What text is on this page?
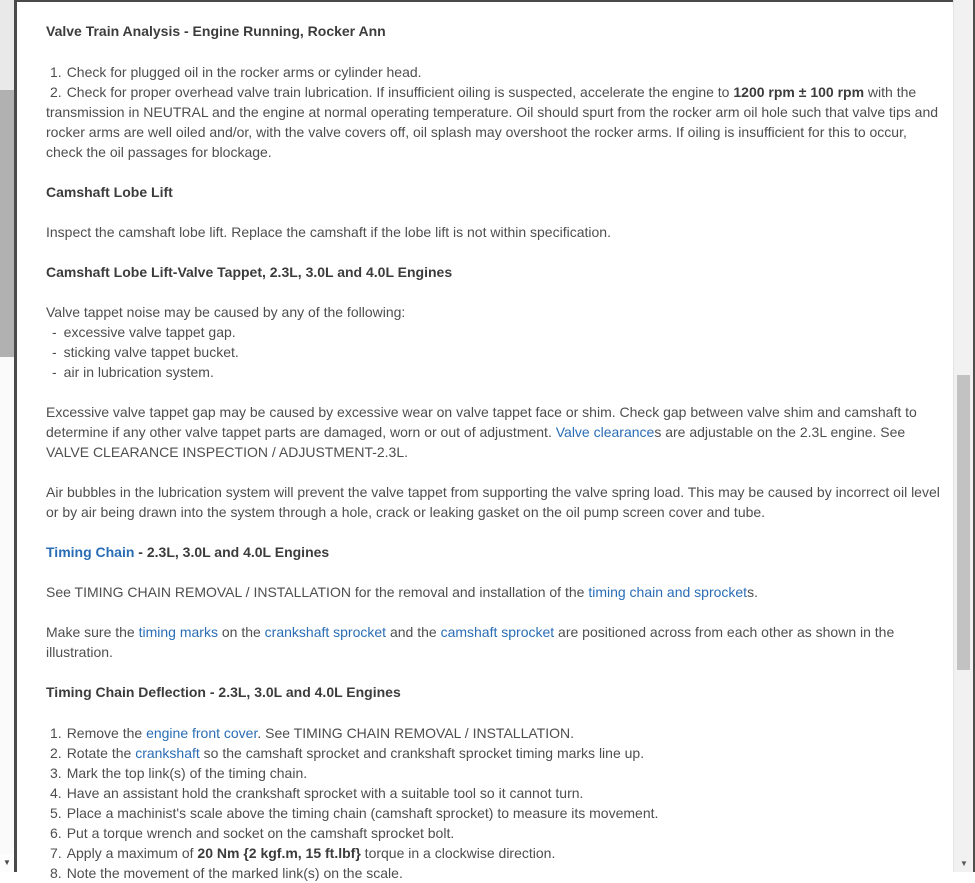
▼
Valve Train Analysis - Engine Running, Rocker Ann
1. Check for plugged oil in the rocker arms or cylinder head.
2. Check for proper overhead valve train lubrication. If insufficient oiling is suspected, accelerate the engine to 1200 rpm ± 100 rpm with the transmission in NEUTRAL and the engine at normal operating temperature. Oil should spurt from the rocker arm oil hole such that valve tips and rocker arms are well oiled and/or, with the valve covers off, oil splash may overshoot the rocker arms. If oiling is insufficient for this to occur, check the oil passages for blockage.
Camshaft Lobe Lift
Inspect the camshaft lobe lift. Replace the camshaft if the lobe lift is not within specification.
Camshaft Lobe Lift-Valve Tappet, 2.3L, 3.0L and 4.0L Engines
Valve tappet noise may be caused by any of the following:
- excessive valve tappet gap.
- sticking valve tappet bucket.
- air in lubrication system.
Excessive valve tappet gap may be caused by excessive wear on valve tappet face or shim. Check gap between valve shim and camshaft to determine if any other valve tappet parts are damaged, worn or out of adjustment. Valve clearances are adjustable on the 2.3L engine. See VALVE CLEARANCE INSPECTION / ADJUSTMENT-2.3L.
Air bubbles in the lubrication system will prevent the valve tappet from supporting the valve spring load. This may be caused by incorrect oil level or by air being drawn into the system through a hole, crack or leaking gasket on the oil pump screen cover and tube.
Timing Chain - 2.3L, 3.0L and 4.0L Engines
See TIMING CHAIN REMOVAL / INSTALLATION for the removal and installation of the timing chain and sprockets.
Make sure the timing marks on the crankshaft sprocket and the camshaft sprocket are positioned across from each other as shown in the illustration.
Timing Chain Deflection - 2.3L, 3.0L and 4.0L Engines
1. Remove the engine front cover. See TIMING CHAIN REMOVAL / INSTALLATION.
2. Rotate the crankshaft so the camshaft sprocket and crankshaft sprocket timing marks line up.
3. Mark the top link(s) of the timing chain.
4. Have an assistant hold the crankshaft sprocket with a suitable tool so it cannot turn.
5. Place a machinist's scale above the timing chain (camshaft sprocket) to measure its movement.
6. Put a torque wrench and socket on the camshaft sprocket bolt.
7. Apply a maximum of 20 Nm {2 kgf.m, 15 ft.lbf} torque in a clockwise direction.
8. Note the movement of the marked link(s) on the scale.
▼
